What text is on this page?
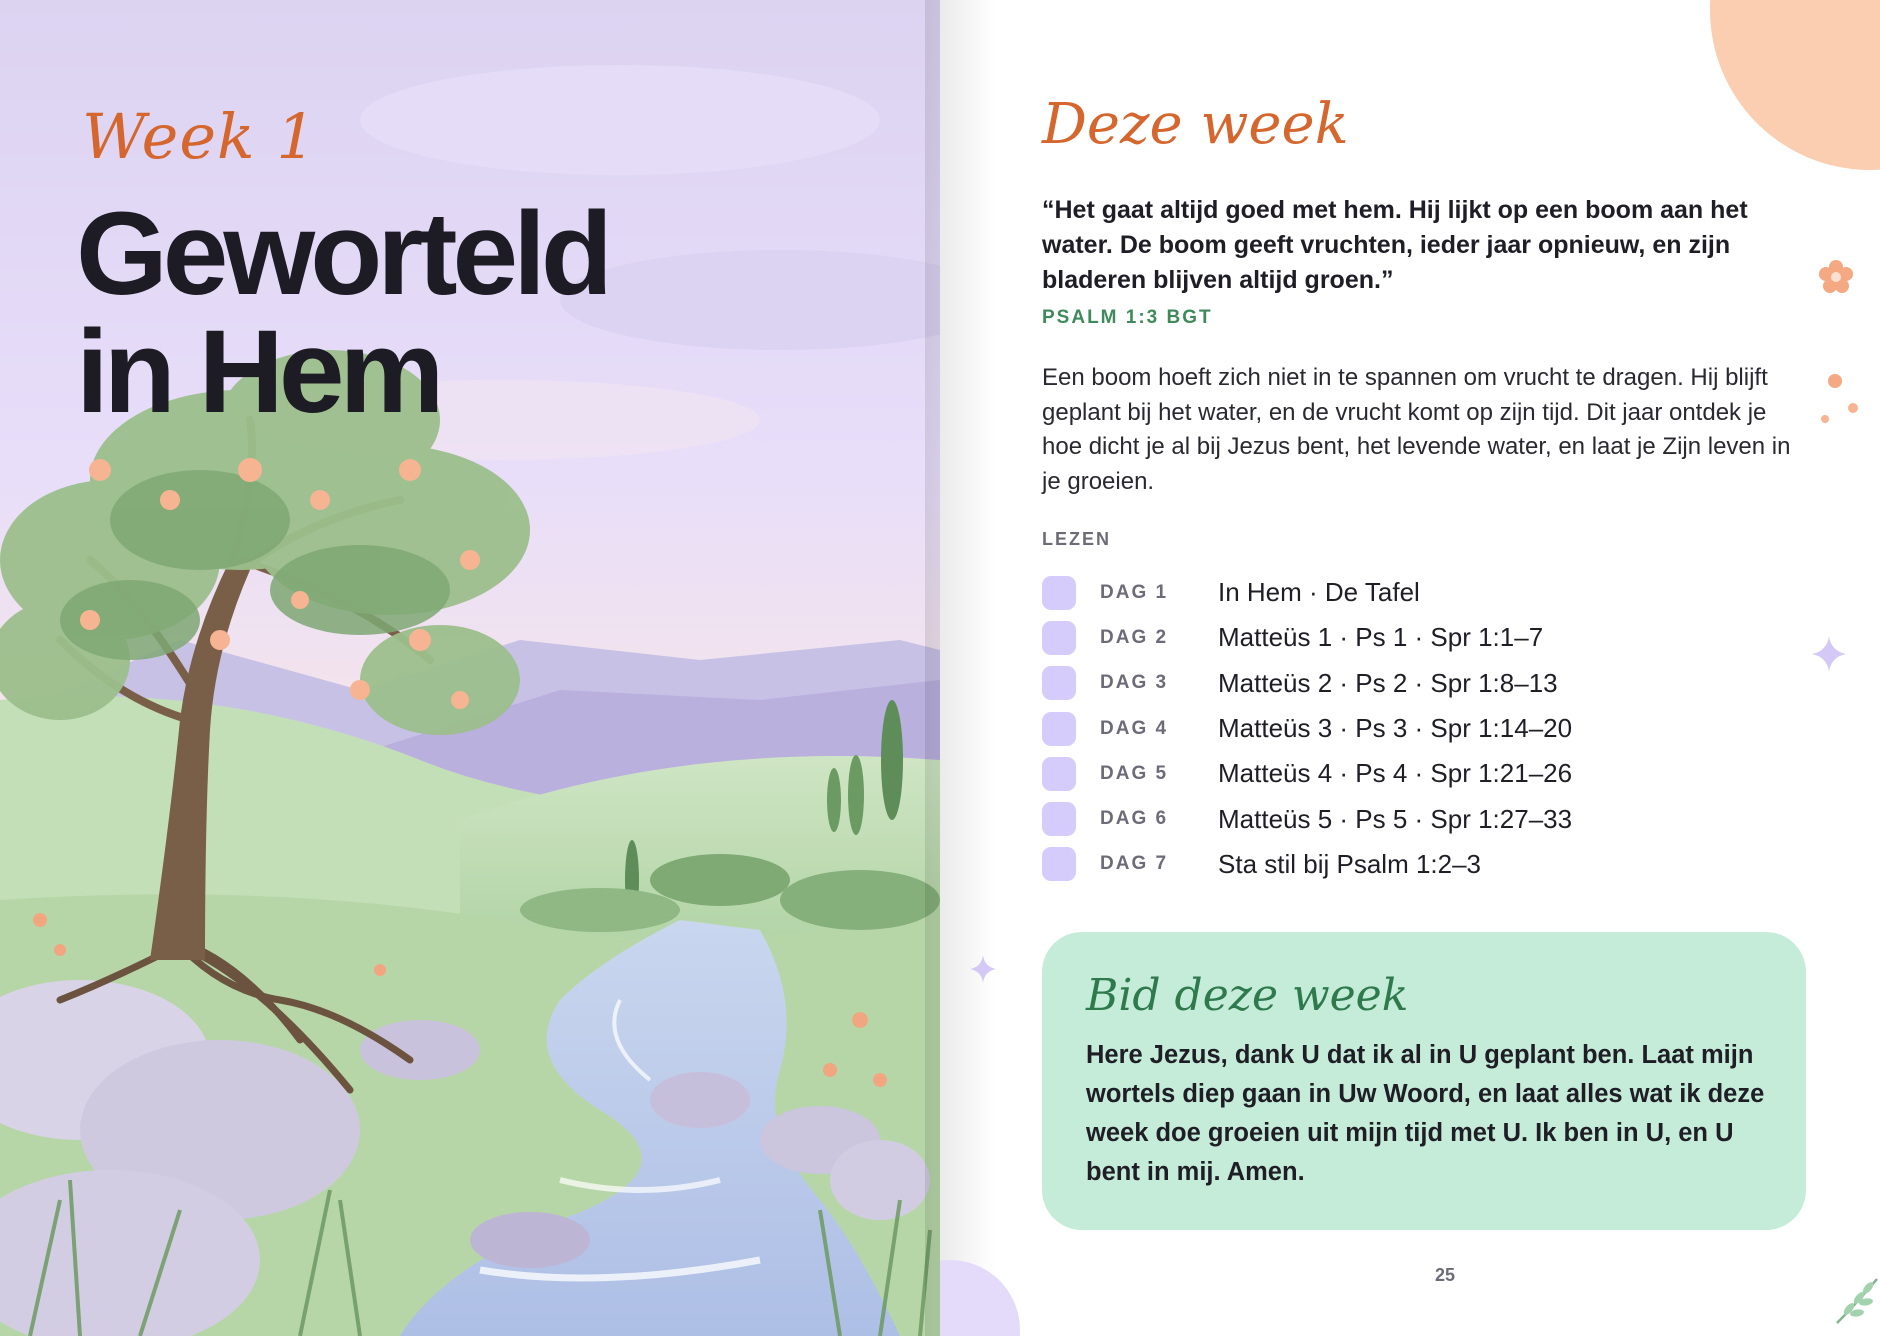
Week 1
Geworteld
in Hem
Deze week
“Het gaat altijd goed met hem. Hij lijkt op een boom aan het water. De boom geeft vruchten, ieder jaar opnieuw, en zijn bladeren blijven altijd groen.”
PSALM 1:3 BGT
Een boom hoeft zich niet in te spannen om vrucht te dragen. Hij blijft geplant bij het water, en de vrucht komt op zijn tijd. Dit jaar ontdek je hoe dicht je al bij Jezus bent, het levende water, en laat je Zijn leven in je groeien.
LEZEN
DAG 1	In Hem · De Tafel
DAG 2	Matteüs 1 · Ps 1 · Spr 1:1–7
DAG 3	Matteüs 2 · Ps 2 · Spr 1:8–13
DAG 4	Matteüs 3 · Ps 3 · Spr 1:14–20
DAG 5	Matteüs 4 · Ps 4 · Spr 1:21–26
DAG 6	Matteüs 5 · Ps 5 · Spr 1:27–33
DAG 7	Sta stil bij Psalm 1:2–3
Bid deze week
Here Jezus, dank U dat ik al in U geplant ben. Laat mijn wortels diep gaan in Uw Woord, en laat alles wat ik deze week doe groeien uit mijn tijd met U. Ik ben in U, en U bent in mij. Amen.
25
